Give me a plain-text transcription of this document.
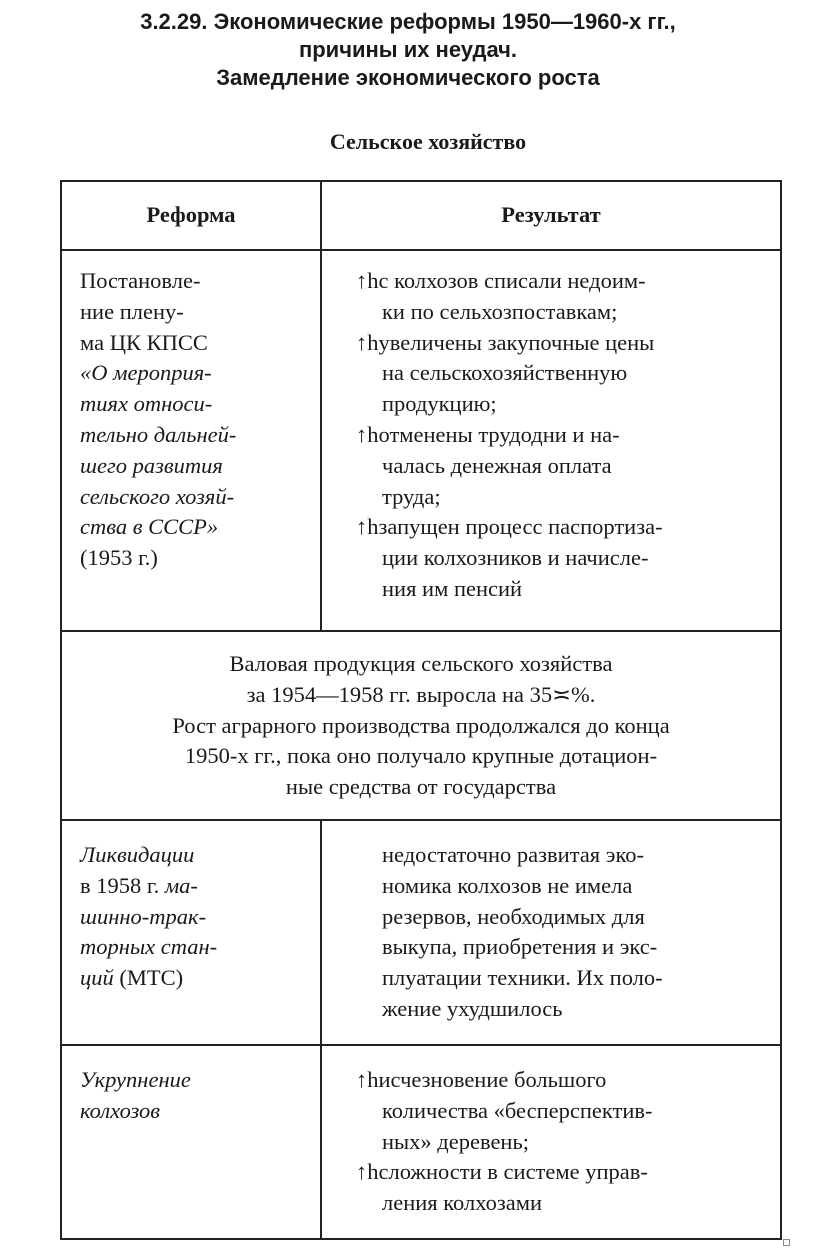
3.2.29. Экономические реформы 1950—1960-х гг.,
причины их неудач.
Замедление экономического роста
Сельское хозяйство
Реформа	Результат
Постановле-
ние плену-
ма ЦК КПСС
«О мероприя-
тиях относи-
тельно дальней-
шего развития
сельского хозяй-
ства в СССР»
(1953 г.)
↑hс колхозов списали недоим-
ки по сельхозпоставкам;
↑hувеличены закупочные цены
на сельскохозяйственную
продукцию;
↑hотменены трудодни и на-
чалась денежная оплата
труда;
↑hзапущен процесс паспортиза-
ции колхозников и начисле-
ния им пенсий
Валовая продукция сельского хозяйства
за 1954—1958 гг. выросла на 35≍%.
Рост аграрного производства продолжался до конца
1950-х гг., пока оно получало крупные дотацион-
ные средства от государства
Ликвидации
в 1958 г. ма-
шинно-трак-
торных стан-
ций (МТС)
недостаточно развитая эко-
номика колхозов не имела
резервов, необходимых для
выкупа, приобретения и экс-
плуатации техники. Их поло-
жение ухудшилось
Укрупнение
колхозов
↑hисчезновение большого
количества «бесперспектив-
ных» деревень;
↑hсложности в системе управ-
ления колхозами
